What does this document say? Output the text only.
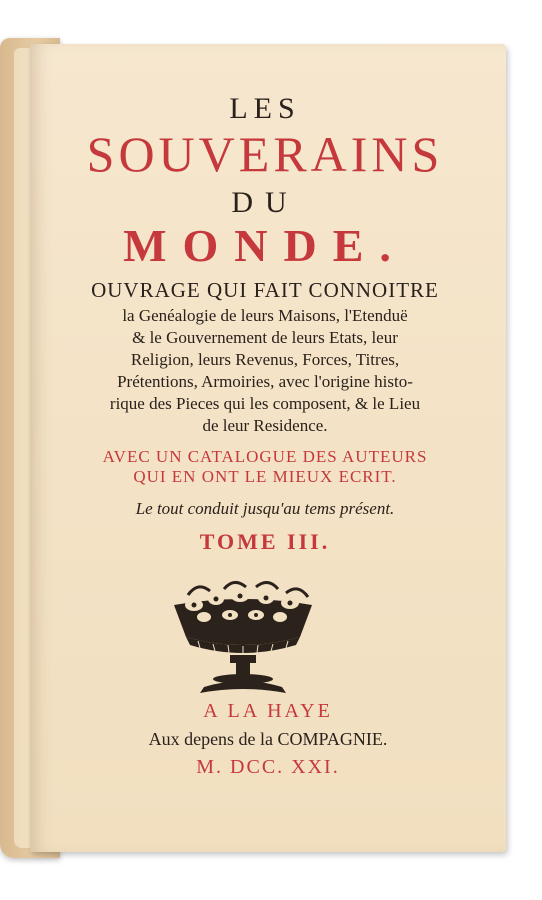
LES
SOUVERAINS
DU
MONDE.
OUVRAGE QUI FAIT CONNOITRE
la Genéalogie de leurs Maisons, l'Etenduë
& le Gouvernement de leurs Etats, leur
Religion, leurs Revenus, Forces, Titres,
Prétentions, Armoiries, avec l'origine histo-
rique des Pieces qui les composent, & le Lieu
de leur Residence.
AVEC UN CATALOGUE DES AUTEURS
QUI EN ONT LE MIEUX ECRIT.
Le tout conduit jusqu'au tems présent.
TOME III.
A LA HAYE
Aux depens de la COMPAGNIE.
M. DCC. XXI.
